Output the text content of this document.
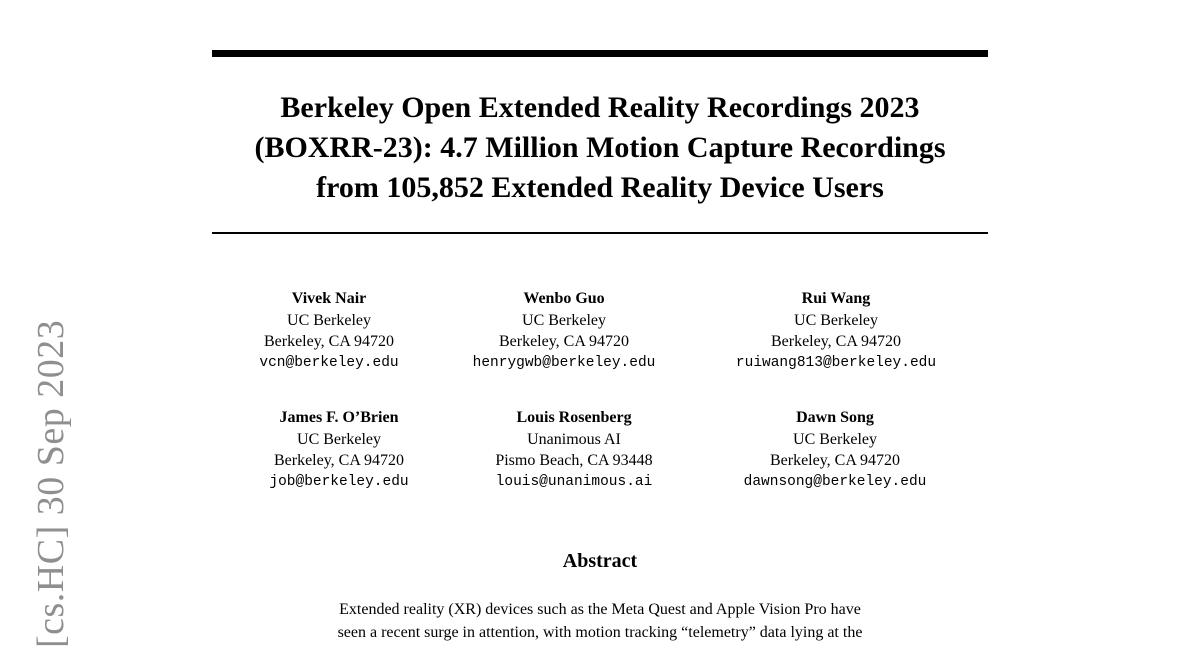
[cs.HC] 30 Sep 2023
Berkeley Open Extended Reality Recordings 2023
(BOXRR-23): 4.7 Million Motion Capture Recordings
from 105,852 Extended Reality Device Users
Vivek Nair
UC Berkeley
Berkeley, CA 94720
vcn@berkeley.edu
Wenbo Guo
UC Berkeley
Berkeley, CA 94720
henrygwb@berkeley.edu
Rui Wang
UC Berkeley
Berkeley, CA 94720
ruiwang813@berkeley.edu
James F. O’Brien
UC Berkeley
Berkeley, CA 94720
job@berkeley.edu
Louis Rosenberg
Unanimous AI
Pismo Beach, CA 93448
louis@unanimous.ai
Dawn Song
UC Berkeley
Berkeley, CA 94720
dawnsong@berkeley.edu
Abstract
Extended reality (XR) devices such as the Meta Quest and Apple Vision Pro have
seen a recent surge in attention, with motion tracking “telemetry” data lying at the
